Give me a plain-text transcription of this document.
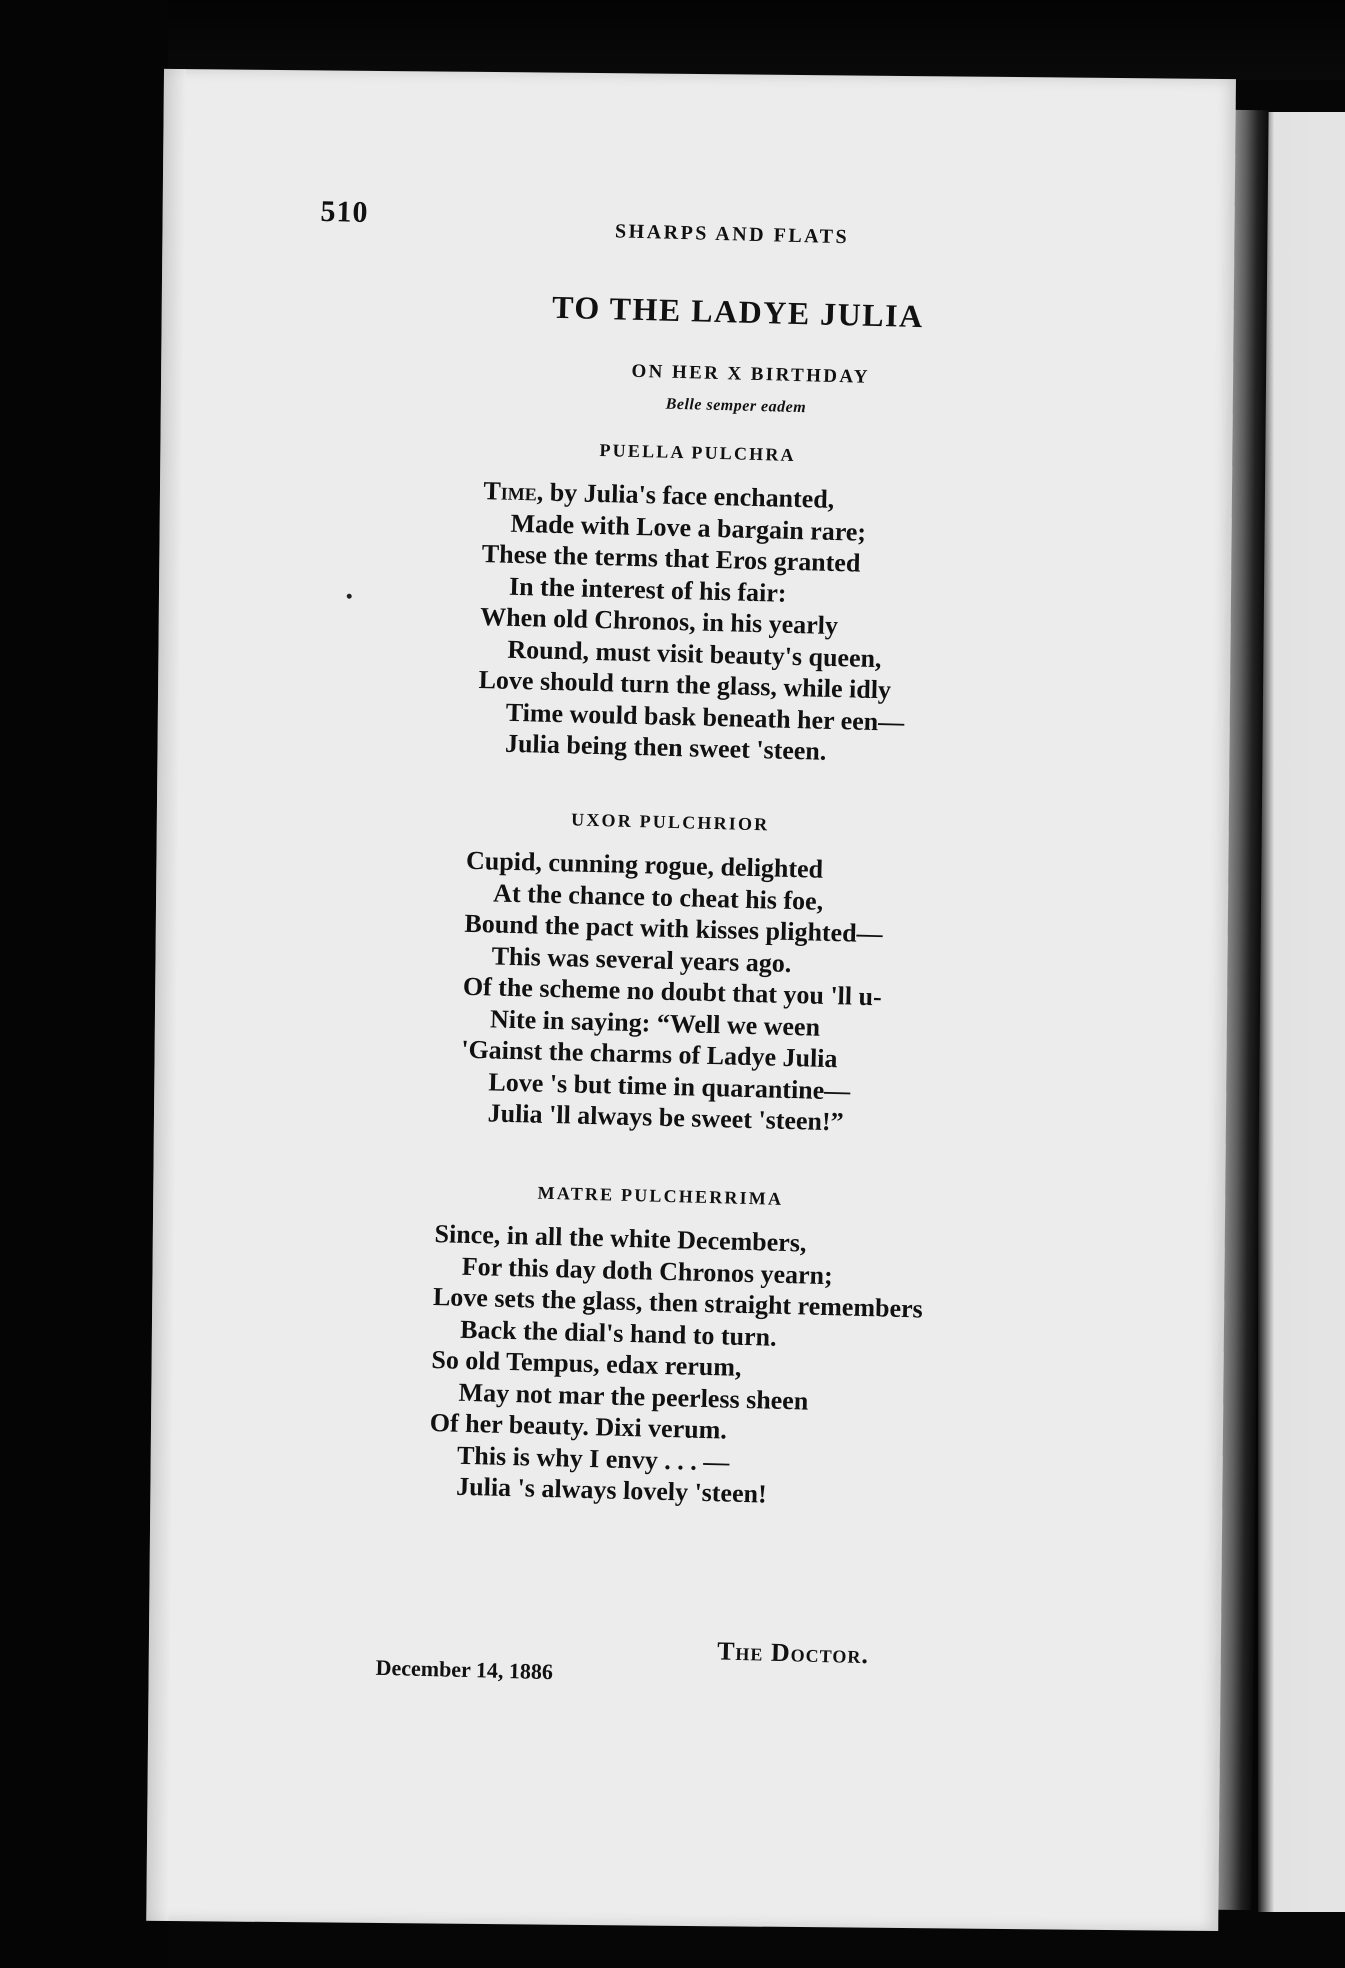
510
SHARPS AND FLATS
TO THE LADYE JULIA
ON HER X BIRTHDAY
Belle semper eadem
PUELLA PULCHRA
Time, by Julia's face enchanted,
Made with Love a bargain rare;
These the terms that Eros granted
In the interest of his fair:
When old Chronos, in his yearly
Round, must visit beauty's queen,
Love should turn the glass, while idly
Time would bask beneath her een—
Julia being then sweet 'steen.
UXOR PULCHRIOR
Cupid, cunning rogue, delighted
At the chance to cheat his foe,
Bound the pact with kisses plighted—
This was several years ago.
Of the scheme no doubt that you 'll u-
Nite in saying: “Well we ween
'Gainst the charms of Ladye Julia
Love 's but time in quarantine—
Julia 'll always be sweet 'steen!”
MATRE PULCHERRIMA
Since, in all the white Decembers,
For this day doth Chronos yearn;
Love sets the glass, then straight remembers
Back the dial's hand to turn.
So old Tempus, edax rerum,
May not mar the peerless sheen
Of her beauty. Dixi verum.
This is why I envy . . . —
Julia 's always lovely 'steen!
December 14, 1886
The Doctor.
